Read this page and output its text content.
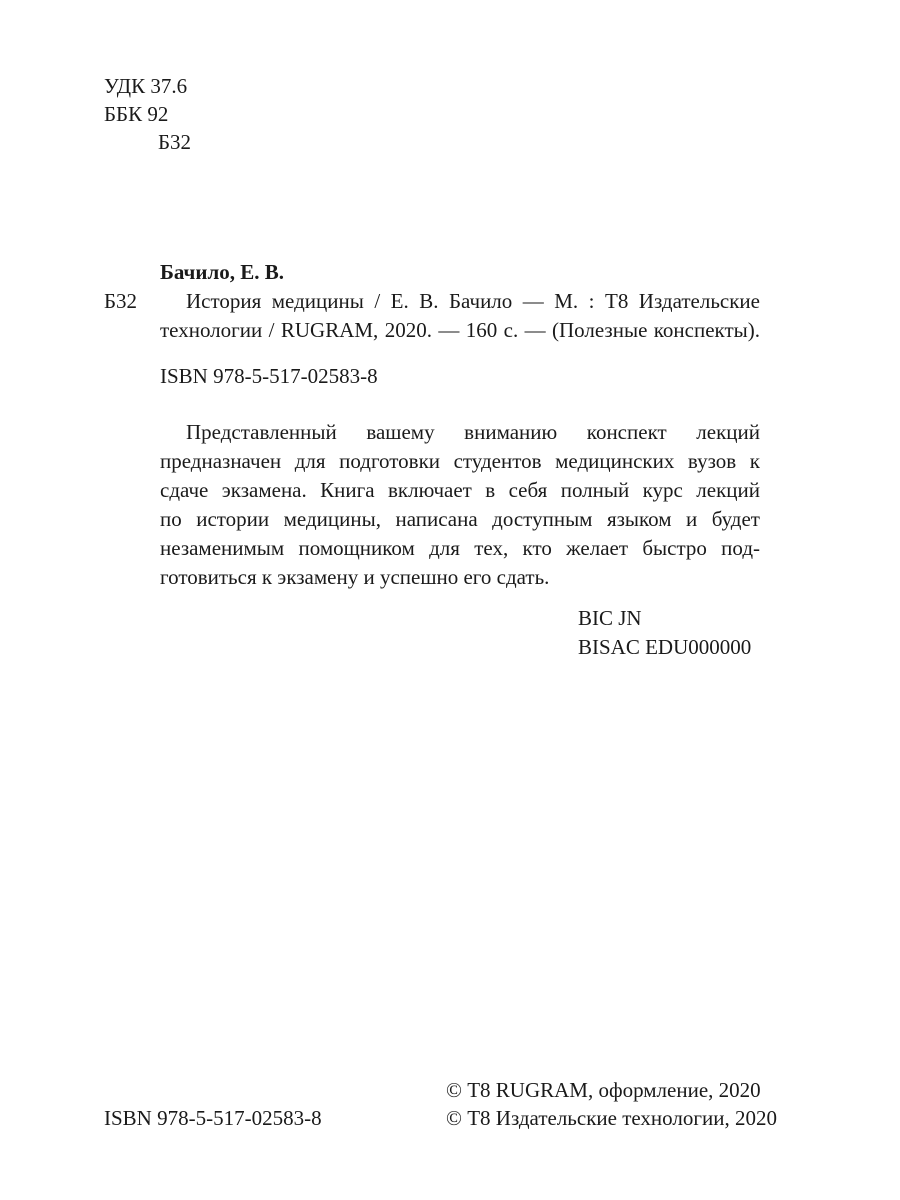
УДК 37.6
ББК 92
Б32
Бачило, Е. В.
Б32 История медицины / Е. В. Бачило — М. : Т8 Издательские
технологии / RUGRAM, 2020. — 160 с. — (Полезные конспекты).
ISBN 978-5-517-02583-8
Представленный вашему вниманию конспект лекций
предназначен для подготовки студентов медицинских вузов к
сдаче экзамена. Книга включает в себя полный курс лекций
по истории медицины, написана доступным языком и будет
незаменимым помощником для тех, кто желает быстро под-
готовиться к экзамену и успешно его сдать.
BIC JN
BISAC EDU000000
© Т8 RUGRAM, оформление, 2020
© Т8 Издательские технологии, 2020
ISBN 978-5-517-02583-8
